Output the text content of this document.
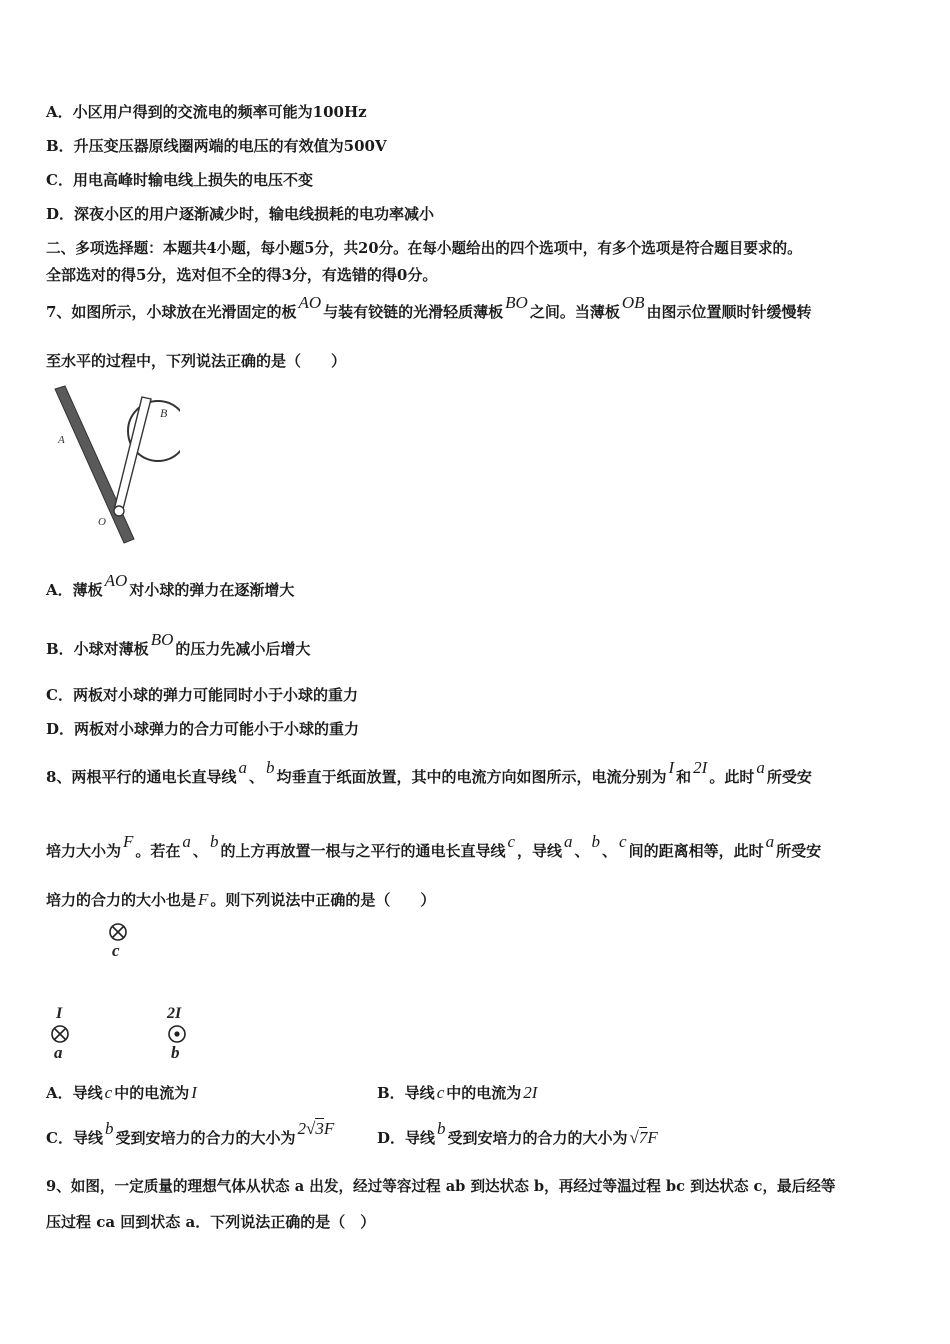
A．小区用户得到的交流电的频率可能为100Hz
B．升压变压器原线圈两端的电压的有效值为500V
C．用电高峰时输电线上损失的电压不变
D．深夜小区的用户逐渐减少时，输电线损耗的电功率减小
二、多项选择题：本题共4小题，每小题5分，共20分。在每小题给出的四个选项中，有多个选项是符合题目要求的。
全部选对的得5分，选对但不全的得3分，有选错的得0分。
7、如图所示，小球放在光滑固定的板 AO 与装有铰链的光滑轻质薄板 BO 之间。当薄板 OB 由图示位置顺时针缓慢转
至水平的过程中，下列说法正确的是（　　）
A
B
O
A．薄板 AO 对小球的弹力在逐渐增大
B．小球对薄板 BO 的压力先减小后增大
C．两板对小球的弹力可能同时小于小球的重力
D．两板对小球弹力的合力可能小于小球的重力
8、两根平行的通电长直导线 a 、 b 均垂直于纸面放置，其中的电流方向如图所示，电流分别为 I 和 2I 。此时 a 所受安
培力大小为 F 。若在 a 、 b 的上方再放置一根与之平行的通电长直导线 c ，导线 a 、 b 、 c 间的距离相等，此时 a 所受安
培力的合力的大小也是 F 。则下列说法中正确的是（　　）
c
I
a
2I
b
A．导线 c 中的电流为 I	B．导线 c 中的电流为 2I
C．导线 b 受到安培力的合力的大小为 2√3F	D．导线 b 受到安培力的合力的大小为 √7F
9、如图，一定质量的理想气体从状态 a 出发，经过等容过程 ab 到达状态 b，再经过等温过程 bc 到达状态 c，最后经等
压过程 ca 回到状态 a．下列说法正确的是（　）
